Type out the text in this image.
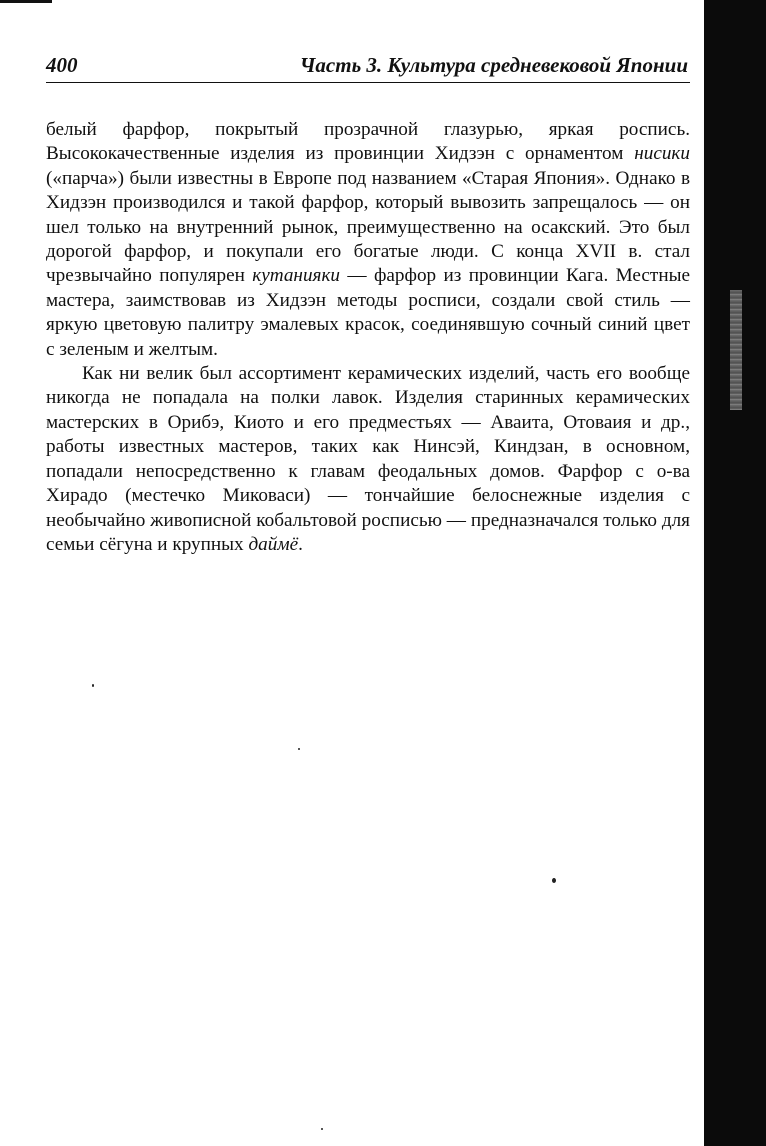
400	Часть 3. Культура средневековой Японии

белый фарфор, покрытый прозрачной глазурью, яркая роспись. Высококачественные изделия из провинции Хидзэн с орнаментом нисики («парча») были известны в Европе под названием «Старая Япония». Однако в Хидзэн производился и такой фарфор, который вывозить запрещалось — он шел только на внутренний рынок, преимущественно на осакский. Это был дорогой фарфор, и покупали его богатые люди. С конца XVII в. стал чрезвычайно популярен кутанияки — фарфор из провинции Кага. Местные мастера, заимствовав из Хидзэн методы росписи, создали свой стиль — яркую цветовую палитру эмалевых красок, соединявшую сочный синий цвет с зеленым и желтым.

Как ни велик был ассортимент керамических изделий, часть его вообще никогда не попадала на полки лавок. Изделия старинных керамических мастерских в Орибэ, Киото и его предместьях — Аваита, Отоваия и др., работы известных мастеров, таких как Нинсэй, Киндзан, в основном, попадали непосредственно к главам феодальных домов. Фарфор с о-ва Хирадо (местечко Миковаси) — тончайшие белоснежные изделия с необычайно живописной кобальтовой росписью — предназначался только для семьи сёгуна и крупных даймё.
